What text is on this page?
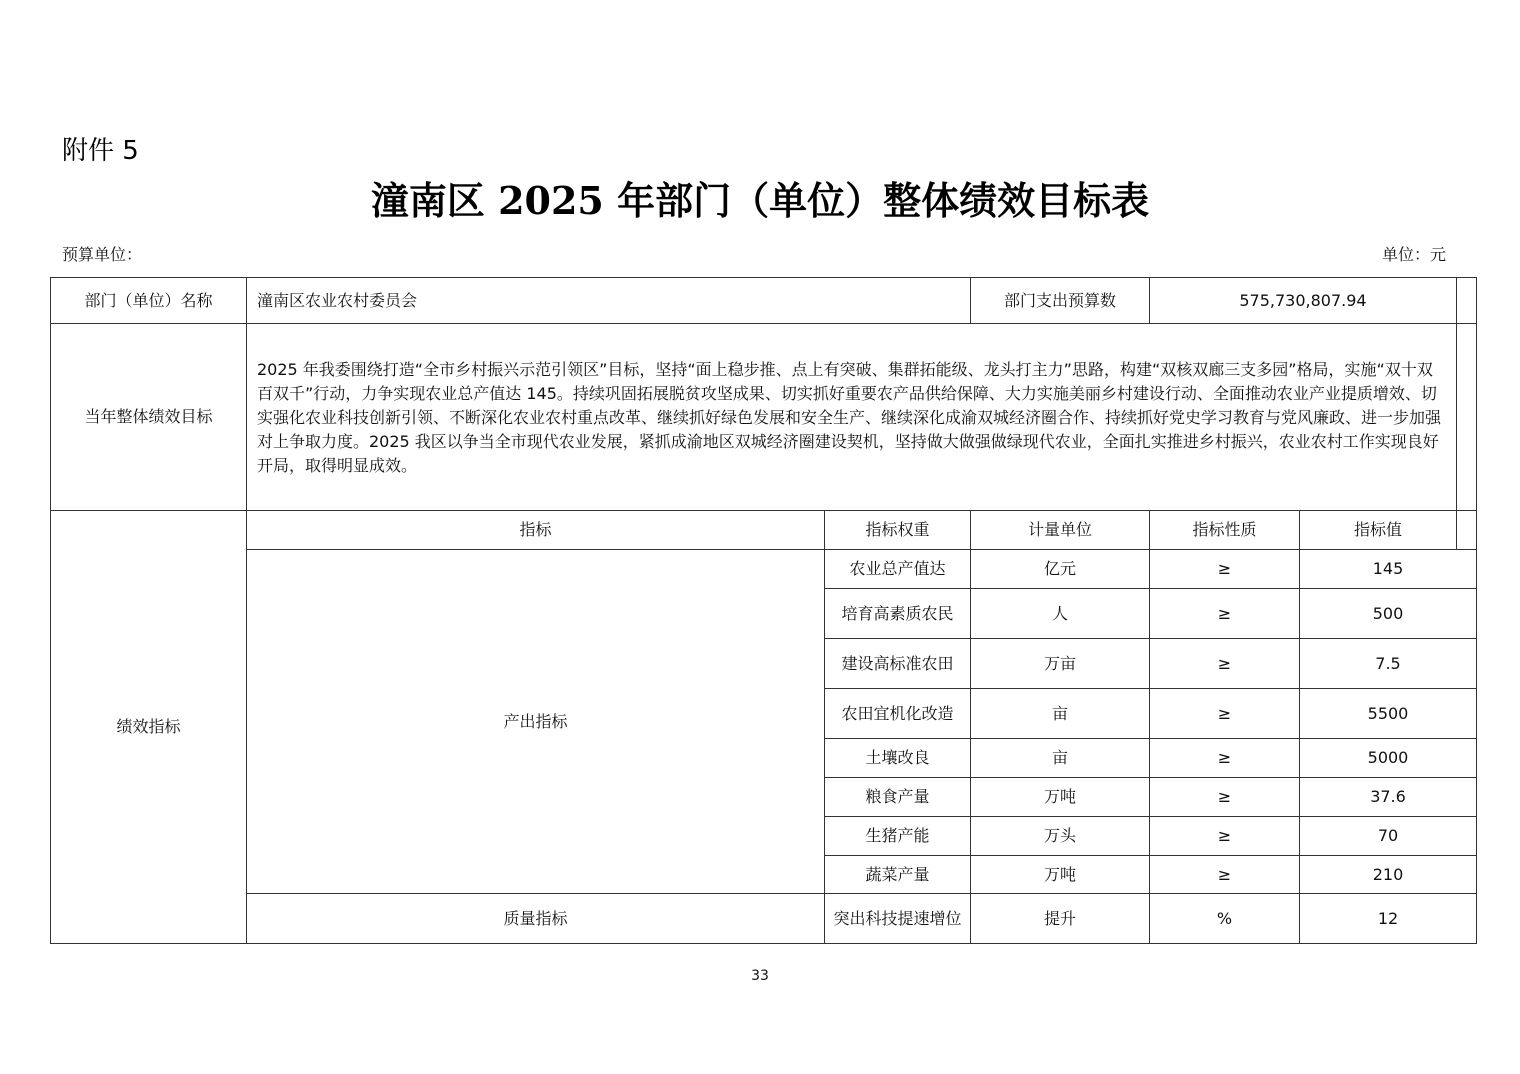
附件 5
潼南区 2025 年部门（单位）整体绩效目标表
预算单位：	单位：元
部门（单位）名称	潼南区农业农村委员会		部门支出预算数	575,730,807.94		
当年整体绩效目标	2025 年我委围绕打造“全市乡村振兴示范引领区”目标，坚持“面上稳步推、点上有突破、集群拓能级、龙头打主力”思路，构建“双核双廊三支多园”格局，实施“双十双百双千”行动，力争实现农业总产值达 145。持续巩固拓展脱贫攻坚成果、切实抓好重要农产品供给保障、大力实施美丽乡村建设行动、全面推动农业产业提质增效、切实强化农业科技创新引领、不断深化农业农村重点改革、继续抓好绿色发展和安全生产、继续深化成渝双城经济圈合作、持续抓好党史学习教育与党风廉政、进一步加强对上争取力度。2025 我区以争当全市现代农业发展，紧抓成渝地区双城经济圈建设契机，坚持做大做强做绿现代农业，全面扎实推进乡村振兴，农业农村工作实现良好开局，取得明显成效。					
绩效指标	指标	指标权重	计量单位	指标性质	指标值	
	产出指标	农业总产值达	亿元	≥	145	
		培育高素质农民	人	≥	500	
		建设高标准农田	万亩	≥	7.5	
		农田宜机化改造	亩	≥	5500	
		土壤改良	亩	≥	5000	
		粮食产量	万吨	≥	37.6	
		生猪产能	万头	≥	70	
		蔬菜产量	万吨	≥	210	
	质量指标	突出科技提速增位	提升	%	12	
33
